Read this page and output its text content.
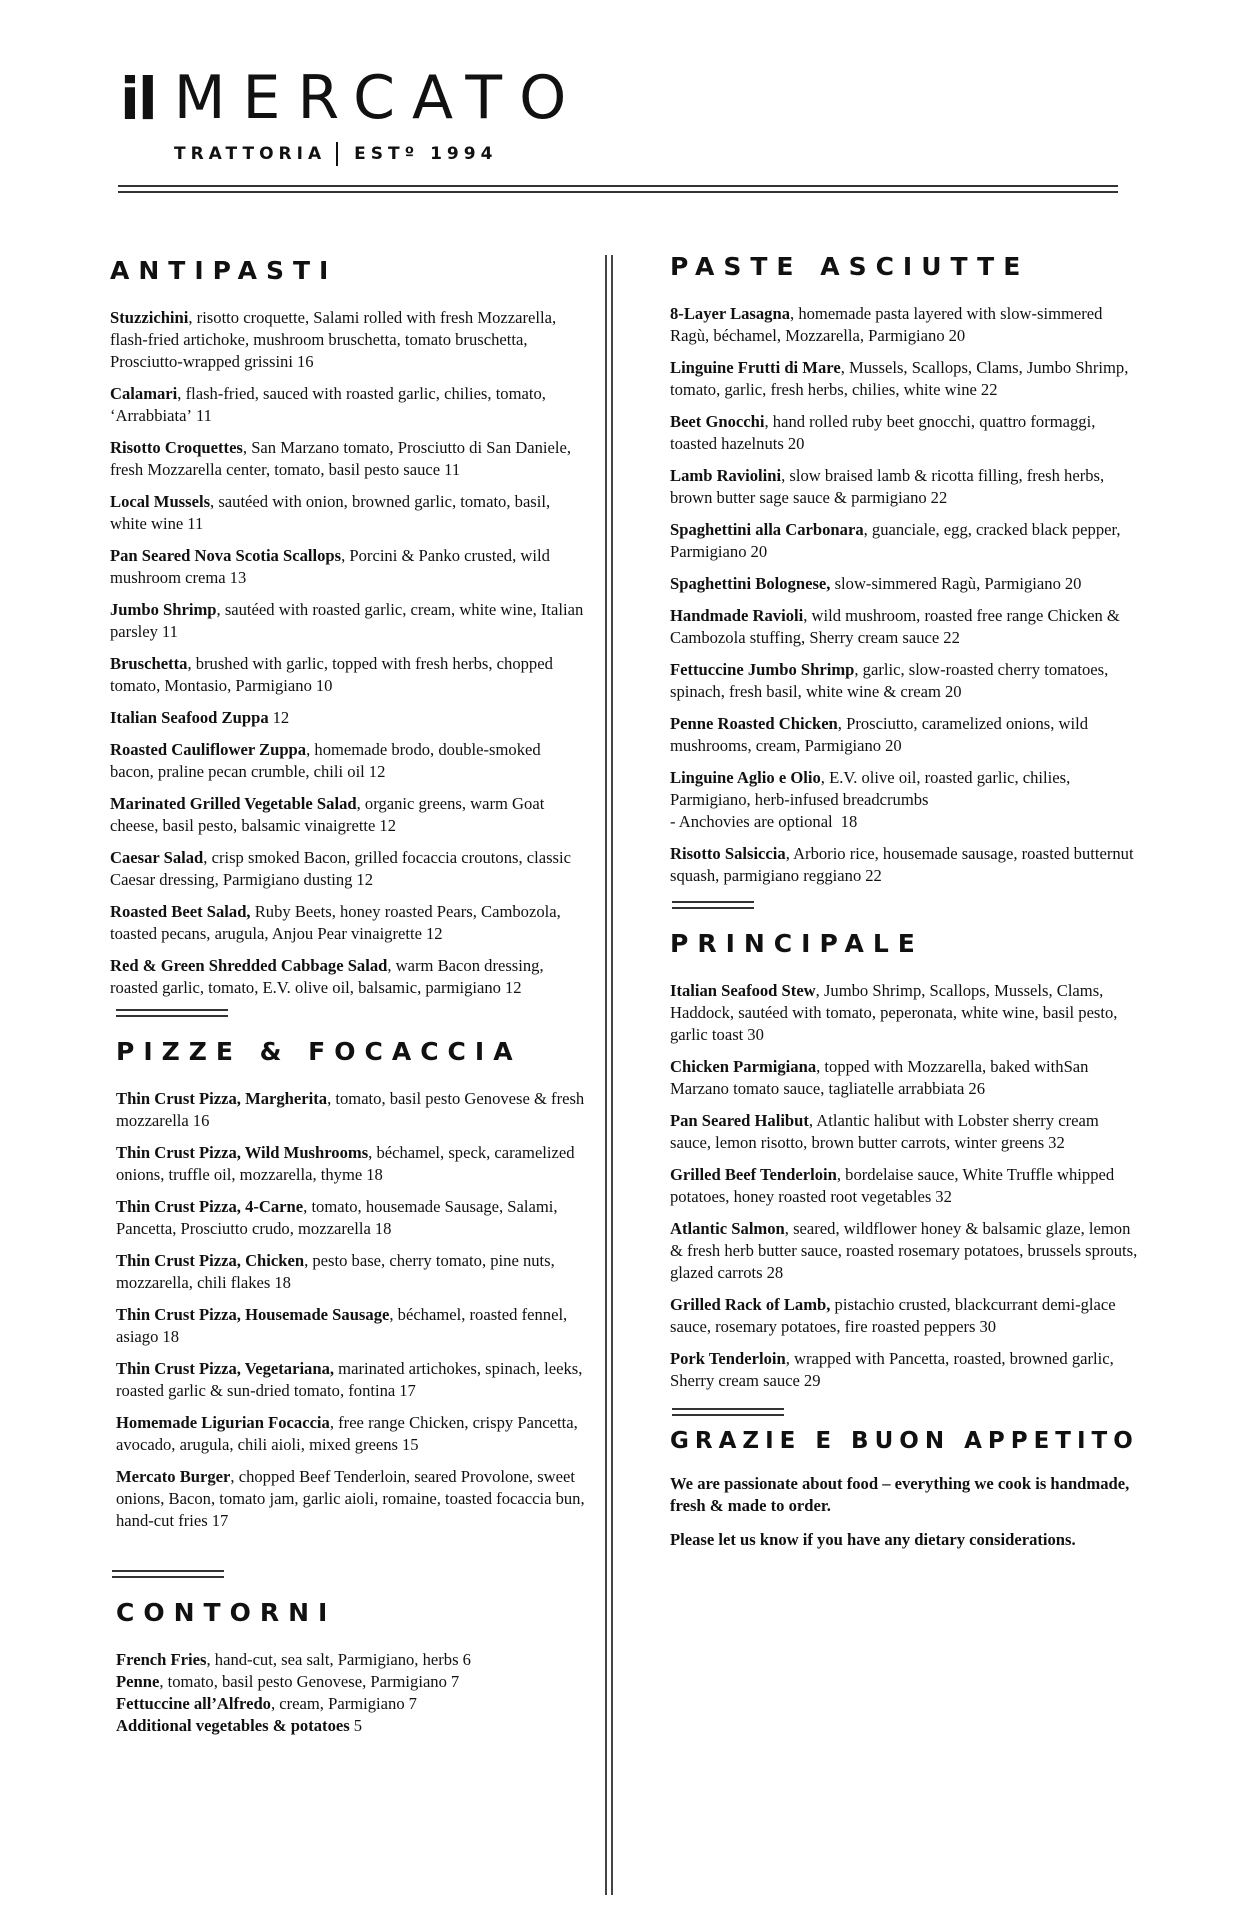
il MERCATO
TRATTORIA ESTº 1994
ANTIPASTI

Stuzzichini, risotto croquette, Salami rolled with fresh Mozzarella, flash-fried artichoke, mushroom bruschetta, tomato bruschetta, Prosciutto-wrapped grissini 16

Calamari, flash-fried, sauced with roasted garlic, chilies, tomato, ‘Arrabbiata’ 11

Risotto Croquettes, San Marzano tomato, Prosciutto di San Daniele, fresh Mozzarella center, tomato, basil pesto sauce 11

Local Mussels, sautéed with onion, browned garlic, tomato, basil, white wine 11

Pan Seared Nova Scotia Scallops, Porcini & Panko crusted, wild mushroom crema 13

Jumbo Shrimp, sautéed with roasted garlic, cream, white wine, Italian parsley 11

Bruschetta, brushed with garlic, topped with fresh herbs, chopped tomato, Montasio, Parmigiano 10

Italian Seafood Zuppa 12

Roasted Cauliflower Zuppa, homemade brodo, double-smoked bacon, praline pecan crumble, chili oil 12

Marinated Grilled Vegetable Salad, organic greens, warm Goat cheese, basil pesto, balsamic vinaigrette 12

Caesar Salad, crisp smoked Bacon, grilled focaccia croutons, classic Caesar dressing, Parmigiano dusting 12

Roasted Beet Salad, Ruby Beets, honey roasted Pears, Cambozola, toasted pecans, arugula, Anjou Pear vinaigrette 12

Red & Green Shredded Cabbage Salad, warm Bacon dressing, roasted garlic, tomato, E.V. olive oil, balsamic, parmigiano 12

PIZZE & FOCACCIA

Thin Crust Pizza, Margherita, tomato, basil pesto Genovese & fresh mozzarella 16

Thin Crust Pizza, Wild Mushrooms, béchamel, speck, caramelized onions, truffle oil, mozzarella, thyme 18

Thin Crust Pizza, 4-Carne, tomato, housemade Sausage, Salami, Pancetta, Prosciutto crudo, mozzarella 18

Thin Crust Pizza, Chicken, pesto base, cherry tomato, pine nuts, mozzarella, chili flakes 18

Thin Crust Pizza, Housemade Sausage, béchamel, roasted fennel, asiago 18

Thin Crust Pizza, Vegetariana, marinated artichokes, spinach, leeks, roasted garlic & sun-dried tomato, fontina 17

Homemade Ligurian Focaccia, free range Chicken, crispy Pancetta, avocado, arugula, chili aioli, mixed greens 15

Mercato Burger, chopped Beef Tenderloin, seared Provolone, sweet onions, Bacon, tomato jam, garlic aioli, romaine, toasted focaccia bun, hand-cut fries 17

CONTORNI

French Fries, hand-cut, sea salt, Parmigiano, herbs 6

Penne, tomato, basil pesto Genovese, Parmigiano 7

Fettuccine all’Alfredo, cream, Parmigiano 7

Additional vegetables & potatoes 5

PASTE ASCIUTTE

8-Layer Lasagna, homemade pasta layered with slow-simmered Ragù, béchamel, Mozzarella, Parmigiano 20

Linguine Frutti di Mare, Mussels, Scallops, Clams, Jumbo Shrimp, tomato, garlic, fresh herbs, chilies, white wine 22

Beet Gnocchi, hand rolled ruby beet gnocchi, quattro formaggi, toasted hazelnuts 20

Lamb Raviolini, slow braised lamb & ricotta filling, fresh herbs, brown butter sage sauce & parmigiano 22

Spaghettini alla Carbonara, guanciale, egg, cracked black pepper, Parmigiano 20

Spaghettini Bolognese, slow-simmered Ragù, Parmigiano 20

Handmade Ravioli, wild mushroom, roasted free range Chicken & Cambozola stuffing, Sherry cream sauce 22

Fettuccine Jumbo Shrimp, garlic, slow-roasted cherry tomatoes, spinach, fresh basil, white wine & cream 20

Penne Roasted Chicken, Prosciutto, caramelized onions, wild mushrooms, cream, Parmigiano 20

Linguine Aglio e Olio, E.V. olive oil, roasted garlic, chilies, Parmigiano, herb-infused breadcrumbs
- Anchovies are optional 18

Risotto Salsiccia, Arborio rice, housemade sausage, roasted butternut squash, parmigiano reggiano 22

PRINCIPALE

Italian Seafood Stew, Jumbo Shrimp, Scallops, Mussels, Clams, Haddock, sautéed with tomato, peperonata, white wine, basil pesto, garlic toast 30

Chicken Parmigiana, topped with Mozzarella, baked withSan Marzano tomato sauce, tagliatelle arrabbiata 26

Pan Seared Halibut, Atlantic halibut with Lobster sherry cream sauce, lemon risotto, brown butter carrots, winter greens 32

Grilled Beef Tenderloin, bordelaise sauce, White Truffle whipped potatoes, honey roasted root vegetables 32

Atlantic Salmon, seared, wildflower honey & balsamic glaze, lemon & fresh herb butter sauce, roasted rosemary potatoes, brussels sprouts, glazed carrots 28

Grilled Rack of Lamb, pistachio crusted, blackcurrant demi-glace sauce, rosemary potatoes, fire roasted peppers 30

Pork Tenderloin, wrapped with Pancetta, roasted, browned garlic, Sherry cream sauce 29

GRAZIE E BUON APPETITO

We are passionate about food – everything we cook is handmade, fresh & made to order.

Please let us know if you have any dietary considerations.
